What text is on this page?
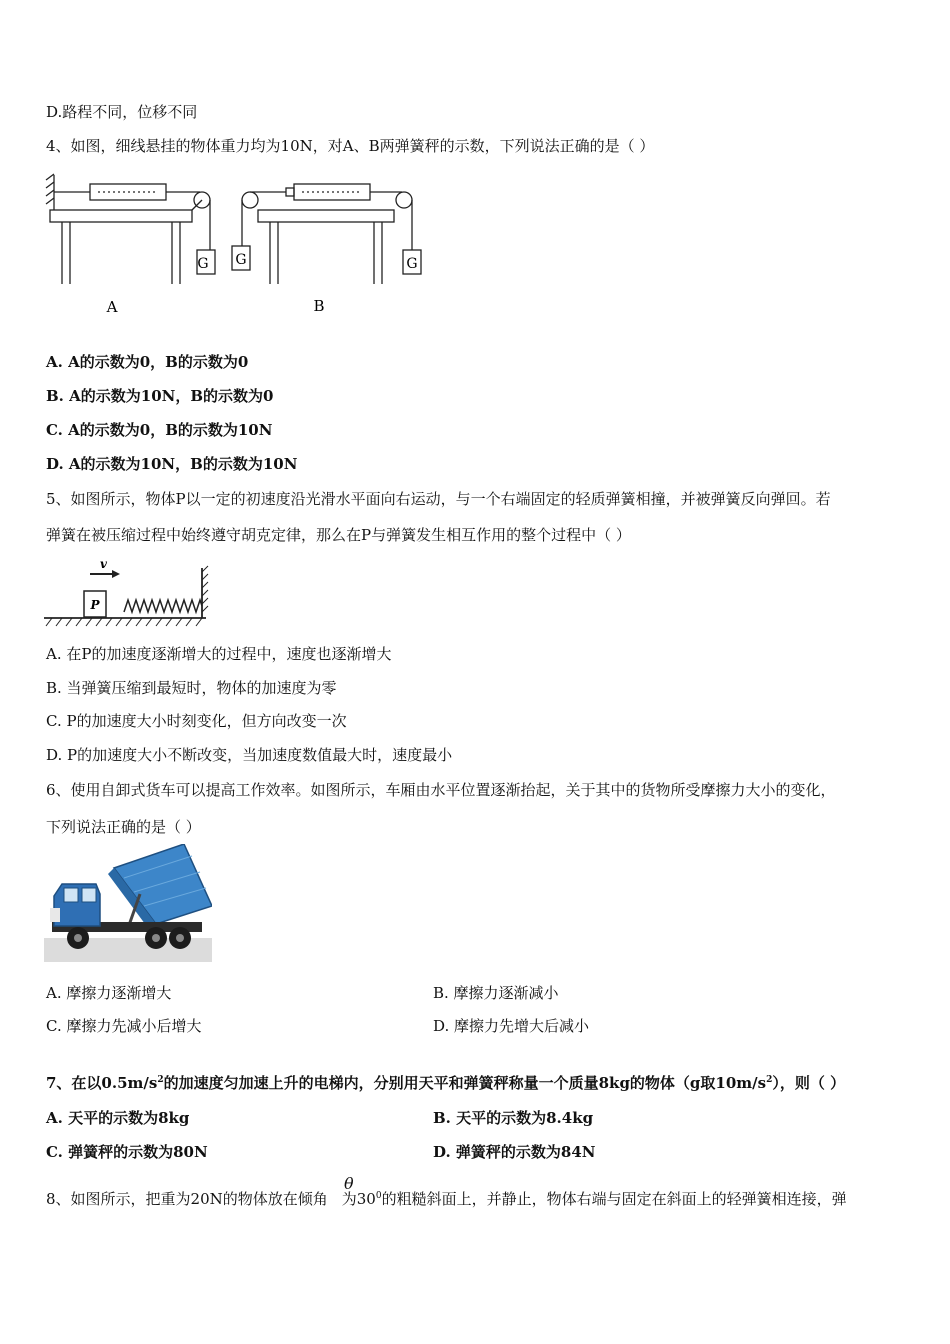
D.路程不同，位移不同
4、如图，细线悬挂的物体重力均为10N，对A、B两弹簧秤的示数，下列说法正确的是（ ）
G
A
G	G
B
A. A的示数为0，B的示数为0
B. A的示数为10N，B的示数为0
C. A的示数为0，B的示数为10N
D. A的示数为10N，B的示数为10N
5、如图所示，物体P以一定的初速度沿光滑水平面向右运动，与一个右端固定的轻质弹簧相撞，并被弹簧反向弹回。若
弹簧在被压缩过程中始终遵守胡克定律，那么在P与弹簧发生相互作用的整个过程中（ ）
v
P
A. 在P的加速度逐渐增大的过程中，速度也逐渐增大
B. 当弹簧压缩到最短时，物体的加速度为零
C. P的加速度大小时刻变化，但方向改变一次
D. P的加速度大小不断改变，当加速度数值最大时，速度最小
6、使用自卸式货车可以提高工作效率。如图所示，车厢由水平位置逐渐抬起，关于其中的货物所受摩擦力大小的变化，
下列说法正确的是（ ）
A. 摩擦力逐渐增大	B. 摩擦力逐渐减小
C. 摩擦力先减小后增大	D. 摩擦力先增大后减小
7、在以$0.5m/s^2$的加速度匀加速上升的电梯内，分别用天平和弹簧秤称量一个质量8kg的物体（g取$10m/s^2$），则（ ）
A. 天平的示数为8kg	B. 天平的示数为8.4kg
C. 弹簧秤的示数为80N	D. 弹簧秤的示数为84N
θ
8、如图所示，把重为20N的物体放在倾角 为$30^0$的粗糙斜面上，并静止，物体右端与固定在斜面上的轻弹簧相连接，弹
